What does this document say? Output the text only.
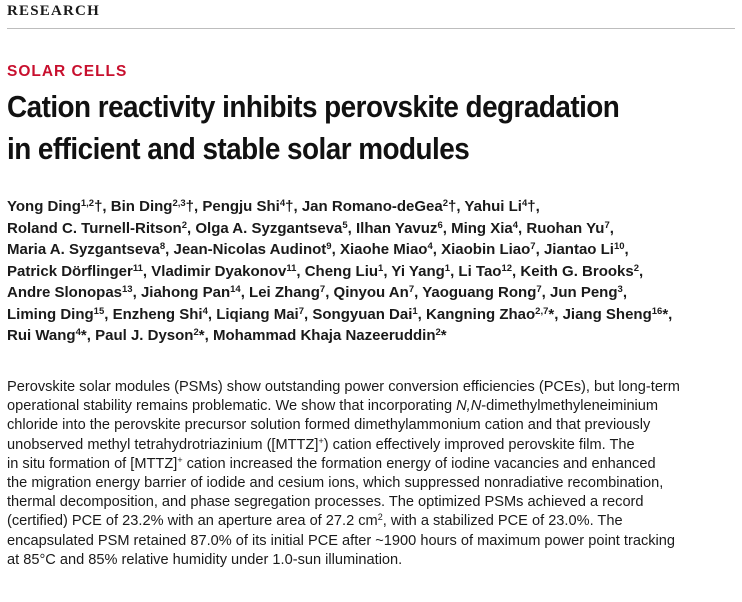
RESEARCH
SOLAR CELLS
Cation reactivity inhibits perovskite degradation
in efficient and stable solar modules
Yong Ding$^{1,2}$†, Bin Ding$^{2,3}$†, Pengju Shi$^4$†, Jan Romano-deGea$^2$†, Yahui Li$^4$†,
Roland C. Turnell-Ritson$^2$, Olga A. Syzgantseva$^5$, Ilhan Yavuz$^6$, Ming Xia$^4$, Ruohan Yu$^7$,
Maria A. Syzgantseva$^8$, Jean-Nicolas Audinot$^9$, Xiaohe Miao$^4$, Xiaobin Liao$^7$, Jiantao Li$^{10}$,
Patrick Dörflinger$^{11}$, Vladimir Dyakonov$^{11}$, Cheng Liu$^1$, Yi Yang$^1$, Li Tao$^{12}$, Keith G. Brooks$^2$,
Andre Slonopas$^{13}$, Jiahong Pan$^{14}$, Lei Zhang$^7$, Qinyou An$^7$, Yaoguang Rong$^7$, Jun Peng$^3$,
Liming Ding$^{15}$, Enzheng Shi$^4$, Liqiang Mai$^7$, Songyuan Dai$^1$, Kangning Zhao$^{2,7}$*, Jiang Sheng$^{16}$*,
Rui Wang$^4$*, Paul J. Dyson$^2$*, Mohammad Khaja Nazeeruddin$^2$*
Perovskite solar modules (PSMs) show outstanding power conversion efficiencies (PCEs), but long-term
operational stability remains problematic. We show that incorporating N,N-dimethylmethyleneiminium
chloride into the perovskite precursor solution formed dimethylammonium cation and that previously
unobserved methyl tetrahydrotriazinium ([MTTZ]+) cation effectively improved perovskite film. The
in situ formation of [MTTZ]+ cation increased the formation energy of iodine vacancies and enhanced
the migration energy barrier of iodide and cesium ions, which suppressed nonradiative recombination,
thermal decomposition, and phase segregation processes. The optimized PSMs achieved a record
(certified) PCE of 23.2% with an aperture area of 27.2 $cm^2$, with a stabilized PCE of 23.0%. The
encapsulated PSM retained 87.0% of its initial PCE after ~1900 hours of maximum power point tracking
at 85°C and 85% relative humidity under 1.0-sun illumination.
